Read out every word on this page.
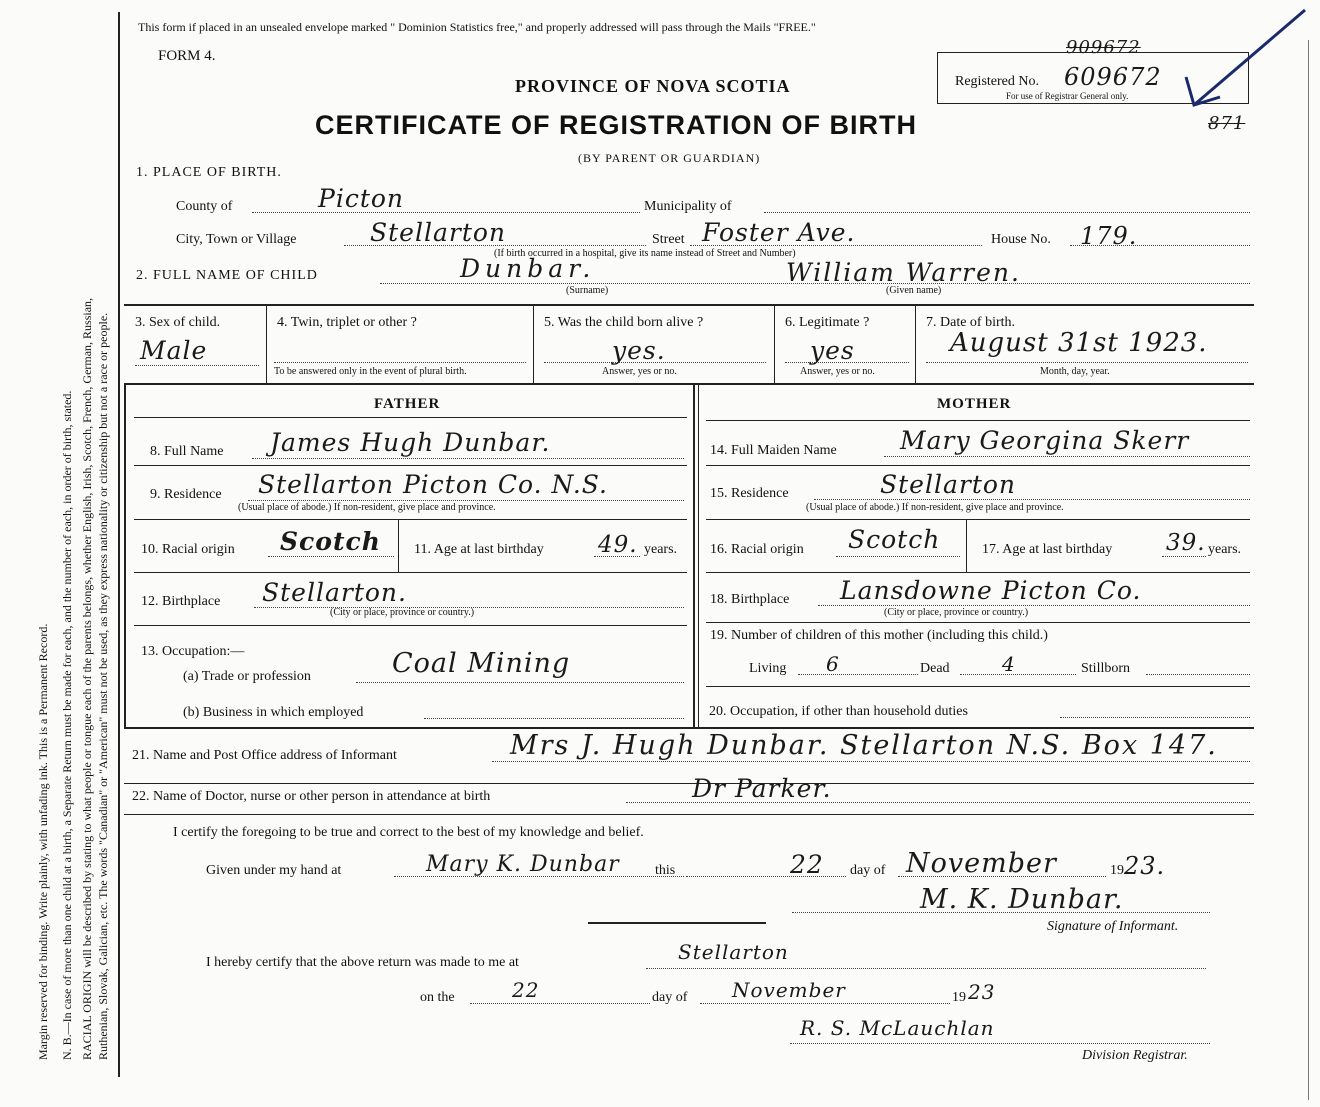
Margin reserved for binding. Write plainly, with unfading ink. This is a Permanent Record. N. B.—In case of more than one child at a birth, a Separate Return must be made for each, and the number of each, in order of birth, stated. RACIAL ORIGIN will be described by stating to what people or tongue each of the parents belongs, whether English, Irish, Scotch, French, German, Russian, Ruthenian, Slovak, Galician, etc. The words "Canadian" or "American" must not be used, as they express nationality or citizenship but not a race or people.
This form if placed in an unsealed envelope marked " Dominion Statistics free," and properly addressed will pass through the Mails "FREE."
FORM 4.
PROVINCE OF NOVA SCOTIA
CERTIFICATE OF REGISTRATION OF BIRTH
(BY PARENT OR GUARDIAN)
Registered No.
909672
609672
For use of Registrar General only.
871
1. PLACE OF BIRTH.
County of	Picton	Municipality of
City, Town or Village	Stellarton	Street Foster Ave.
(If birth occurred in a hospital, give its name instead of Street and Number)
House No. 179.
2. FULL NAME OF CHILD	Dunbar.
(Surname)
William Warren.
(Given name)
3. Sex of child.
Male
4. Twin, triplet or other ?
To be answered only in the event of plural birth.
5. Was the child born alive ?
yes.
Answer, yes or no.
6. Legitimate ?
yes
Answer, yes or no.
7. Date of birth.
August 31st 1923.
Month, day, year.
FATHER	MOTHER
8. Full Name James Hugh Dunbar.
9. Residence Stellarton Picton Co. N.S.
(Usual place of abode.) If non-resident, give place and province.
10. Racial origin Scotch 11. Age at last birthday 49. years.
12. Birthplace Stellarton.
(City or place, province or country.)
13. Occupation:—
(a) Trade or profession	Coal Mining
(b) Business in which employed
14. Full Maiden Name	Mary Georgina Skerr
15. Residence	Stellarton
(Usual place of abode.) If non-resident, give place and province.
16. Racial origin Scotch	17. Age at last birthday 39. years.
18. Birthplace Lansdowne Picton Co.
(City or place, province or country.)
19. Number of children of this mother (including this child.)
Living 6	Dead	4	Stillborn
20. Occupation, if other than household duties
21. Name and Post Office address of Informant	Mrs J. Hugh Dunbar. Stellarton N.S. Box 147.
22. Name of Doctor, nurse or other person in attendance at birth	Dr Parker.
I certify the foregoing to be true and correct to the best of my knowledge and belief.
Given under my hand at	Mary K. Dunbar	this	22 day of November	19 23.
M. K. Dunbar.
Signature of Informant.
I hereby certify that the above return was made to me at	Stellarton
on the	22	day of November	19 23
R. S. McLauchlan
Division Registrar.
